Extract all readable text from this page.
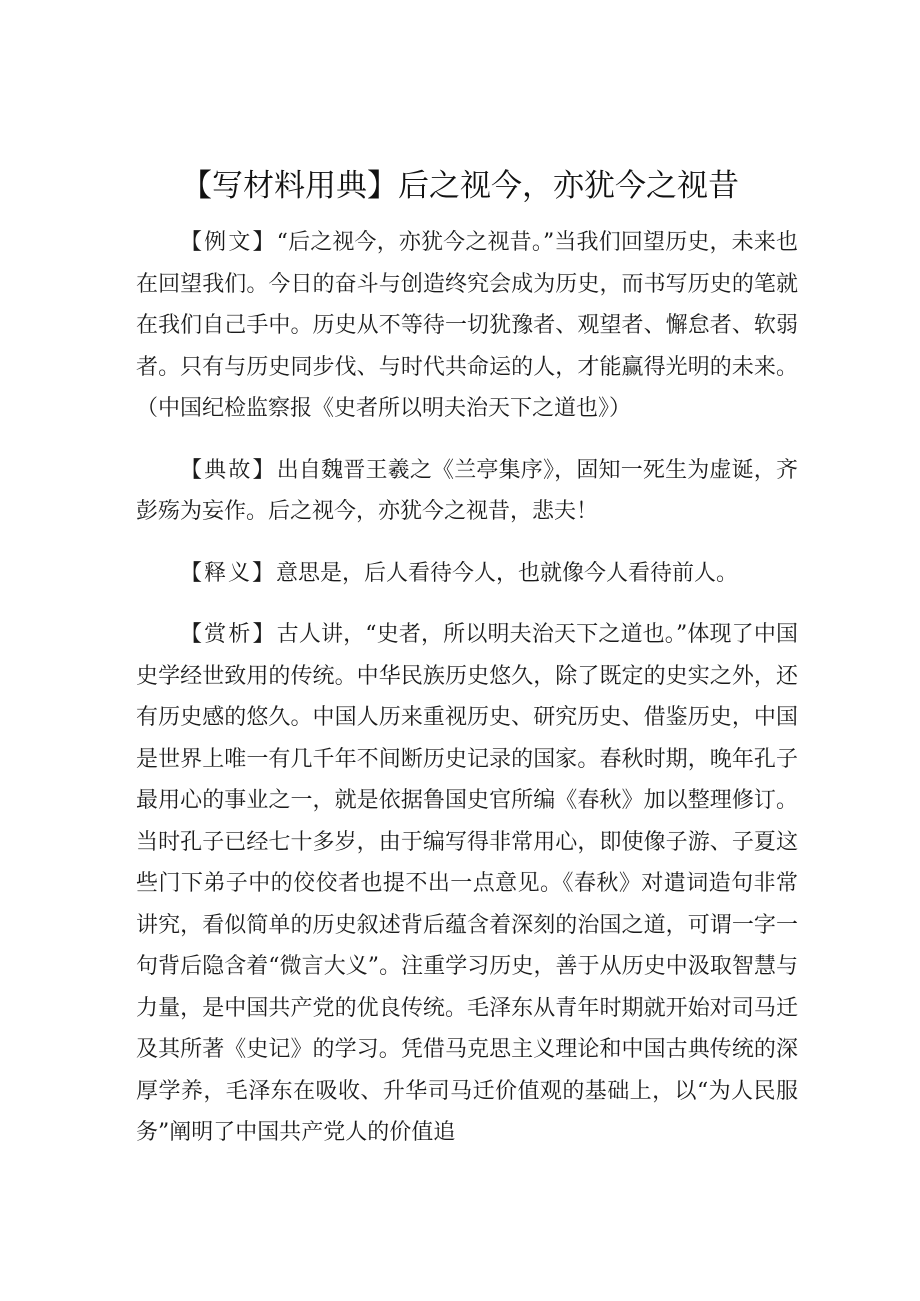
【写材料用典】后之视今，亦犹今之视昔

【例文】“后之视今，亦犹今之视昔。”当我们回望历史，未来也在回望我们。今日的奋斗与创造终究会成为历史，而书写历史的笔就在我们自己手中。历史从不等待一切犹豫者、观望者、懈怠者、软弱者。只有与历史同步伐、与时代共命运的人，才能赢得光明的未来。（中国纪检监察报《史者所以明夫治天下之道也》）

【典故】出自魏晋王羲之《兰亭集序》，固知一死生为虚诞，齐彭殇为妄作。后之视今，亦犹今之视昔，悲夫！

【释义】意思是，后人看待今人，也就像今人看待前人。

【赏析】古人讲，“史者，所以明夫治天下之道也。”体现了中国史学经世致用的传统。中华民族历史悠久，除了既定的史实之外，还有历史感的悠久。中国人历来重视历史、研究历史、借鉴历史，中国是世界上唯一有几千年不间断历史记录的国家。春秋时期，晚年孔子最用心的事业之一，就是依据鲁国史官所编《春秋》加以整理修订。当时孔子已经七十多岁，由于编写得非常用心，即使像子游、子夏这些门下弟子中的佼佼者也提不出一点意见。《春秋》对遣词造句非常讲究，看似简单的历史叙述背后蕴含着深刻的治国之道，可谓一字一句背后隐含着“微言大义”。注重学习历史，善于从历史中汲取智慧与力量，是中国共产党的优良传统。毛泽东从青年时期就开始对司马迁及其所著《史记》的学习。凭借马克思主义理论和中国古典传统的深厚学养，毛泽东在吸收、升华司马迁价值观的基础上，以“为人民服务”阐明了中国共产党人的价值追
